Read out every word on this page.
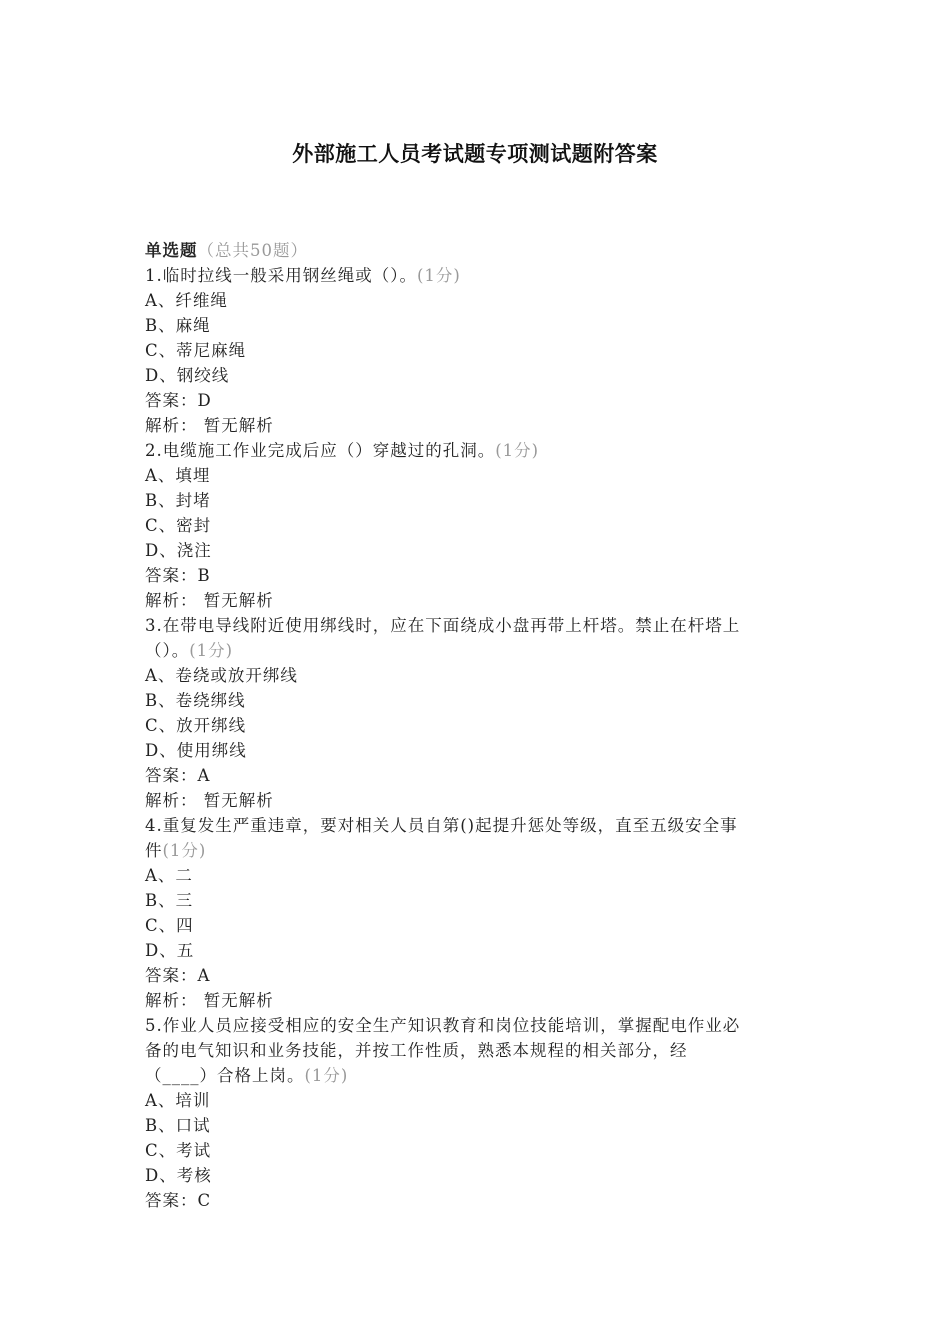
外部施工人员考试题专项测试题附答案
单选题（总共50题）
1.临时拉线一般采用钢丝绳或（）。(1分)
A、纤维绳
B、麻绳
C、蒂尼麻绳
D、钢绞线
答案：D
解析： 暂无解析
2.电缆施工作业完成后应（）穿越过的孔洞。(1分)
A、填埋
B、封堵
C、密封
D、浇注
答案：B
解析： 暂无解析
3.在带电导线附近使用绑线时，应在下面绕成小盘再带上杆塔。禁止在杆塔上
（）。(1分)
A、卷绕或放开绑线
B、卷绕绑线
C、放开绑线
D、使用绑线
答案：A
解析： 暂无解析
4.重复发生严重违章，要对相关人员自第()起提升惩处等级，直至五级安全事
件(1分)
A、二
B、三
C、四
D、五
答案：A
解析： 暂无解析
5.作业人员应接受相应的安全生产知识教育和岗位技能培训，掌握配电作业必
备的电气知识和业务技能，并按工作性质，熟悉本规程的相关部分，经
（____）合格上岗。(1分)
A、培训
B、口试
C、考试
D、考核
答案：C
